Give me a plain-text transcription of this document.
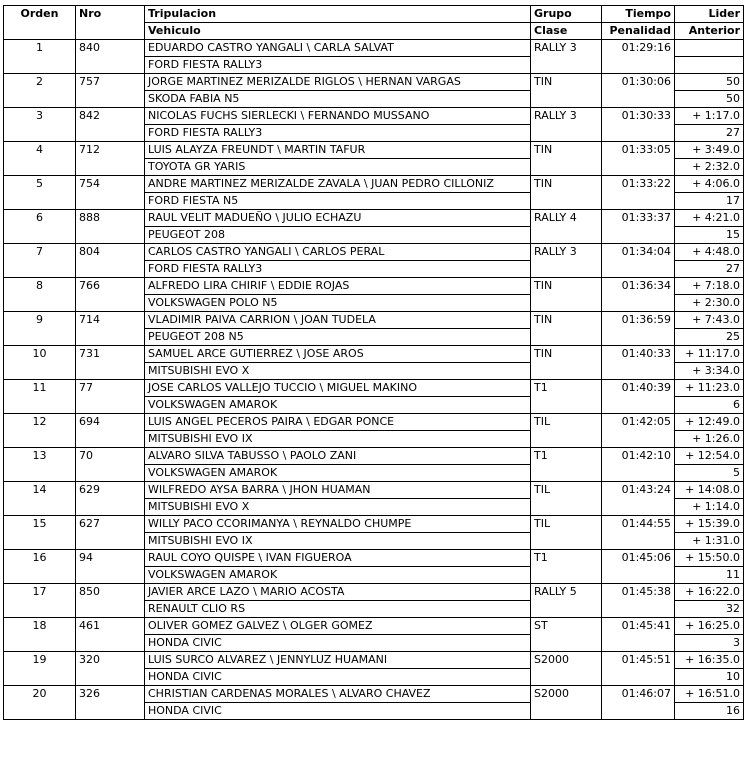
Orden	Nro	Tripulacion	Grupo	Tiempo	Lider
		Vehiculo	Clase	Penalidad	Anterior
1	840	EDUARDO CASTRO YANGALI \ CARLA SALVAT	RALLY 3	01:29:16	
		FORD FIESTA RALLY3			
2	757	JORGE MARTINEZ MERIZALDE RIGLOS \ HERNAN VARGAS	TIN	01:30:06	50
		SKODA FABIA N5			50
3	842	NICOLAS FUCHS SIERLECKI \ FERNANDO MUSSANO	RALLY 3	01:30:33	+ 1:17.0
		FORD FIESTA RALLY3			27
4	712	LUIS ALAYZA FREUNDT \ MARTIN TAFUR	TIN	01:33:05	+ 3:49.0
		TOYOTA GR YARIS			+ 2:32.0
5	754	ANDRE MARTINEZ MERIZALDE ZAVALA \ JUAN PEDRO CILLONIZ	TIN	01:33:22	+ 4:06.0
		FORD FIESTA N5			17
6	888	RAUL VELIT MADUEÑO \ JULIO ECHAZU	RALLY 4	01:33:37	+ 4:21.0
		PEUGEOT 208			15
7	804	CARLOS CASTRO YANGALI \ CARLOS PERAL	RALLY 3	01:34:04	+ 4:48.0
		FORD FIESTA RALLY3			27
8	766	ALFREDO LIRA CHIRIF \ EDDIE ROJAS	TIN	01:36:34	+ 7:18.0
		VOLKSWAGEN POLO N5			+ 2:30.0
9	714	VLADIMIR PAIVA CARRION \ JOAN TUDELA	TIN	01:36:59	+ 7:43.0
		PEUGEOT 208 N5			25
10	731	SAMUEL ARCE GUTIERREZ \ JOSE AROS	TIN	01:40:33	+ 11:17.0
		MITSUBISHI EVO X			+ 3:34.0
11	77	JOSE CARLOS VALLEJO TUCCIO \ MIGUEL MAKINO	T1	01:40:39	+ 11:23.0
		VOLKSWAGEN AMAROK			6
12	694	LUIS ANGEL PECEROS PAIRA \ EDGAR PONCE	TIL	01:42:05	+ 12:49.0
		MITSUBISHI EVO IX			+ 1:26.0
13	70	ALVARO SILVA TABUSSO \ PAOLO ZANI	T1	01:42:10	+ 12:54.0
		VOLKSWAGEN AMAROK			5
14	629	WILFREDO AYSA BARRA \ JHON HUAMAN	TIL	01:43:24	+ 14:08.0
		MITSUBISHI EVO X			+ 1:14.0
15	627	WILLY PACO CCORIMANYA \ REYNALDO CHUMPE	TIL	01:44:55	+ 15:39.0
		MITSUBISHI EVO IX			+ 1:31.0
16	94	RAUL COYO QUISPE \ IVAN FIGUEROA	T1	01:45:06	+ 15:50.0
		VOLKSWAGEN AMAROK			11
17	850	JAVIER ARCE LAZO \ MARIO ACOSTA	RALLY 5	01:45:38	+ 16:22.0
		RENAULT CLIO RS			32
18	461	OLIVER GOMEZ GALVEZ \ OLGER GOMEZ	ST	01:45:41	+ 16:25.0
		HONDA CIVIC			3
19	320	LUIS SURCO ALVAREZ \ JENNYLUZ HUAMANI	S2000	01:45:51	+ 16:35.0
		HONDA CIVIC			10
20	326	CHRISTIAN CARDENAS MORALES \ ALVARO CHAVEZ	S2000	01:46:07	+ 16:51.0
		HONDA CIVIC			16
